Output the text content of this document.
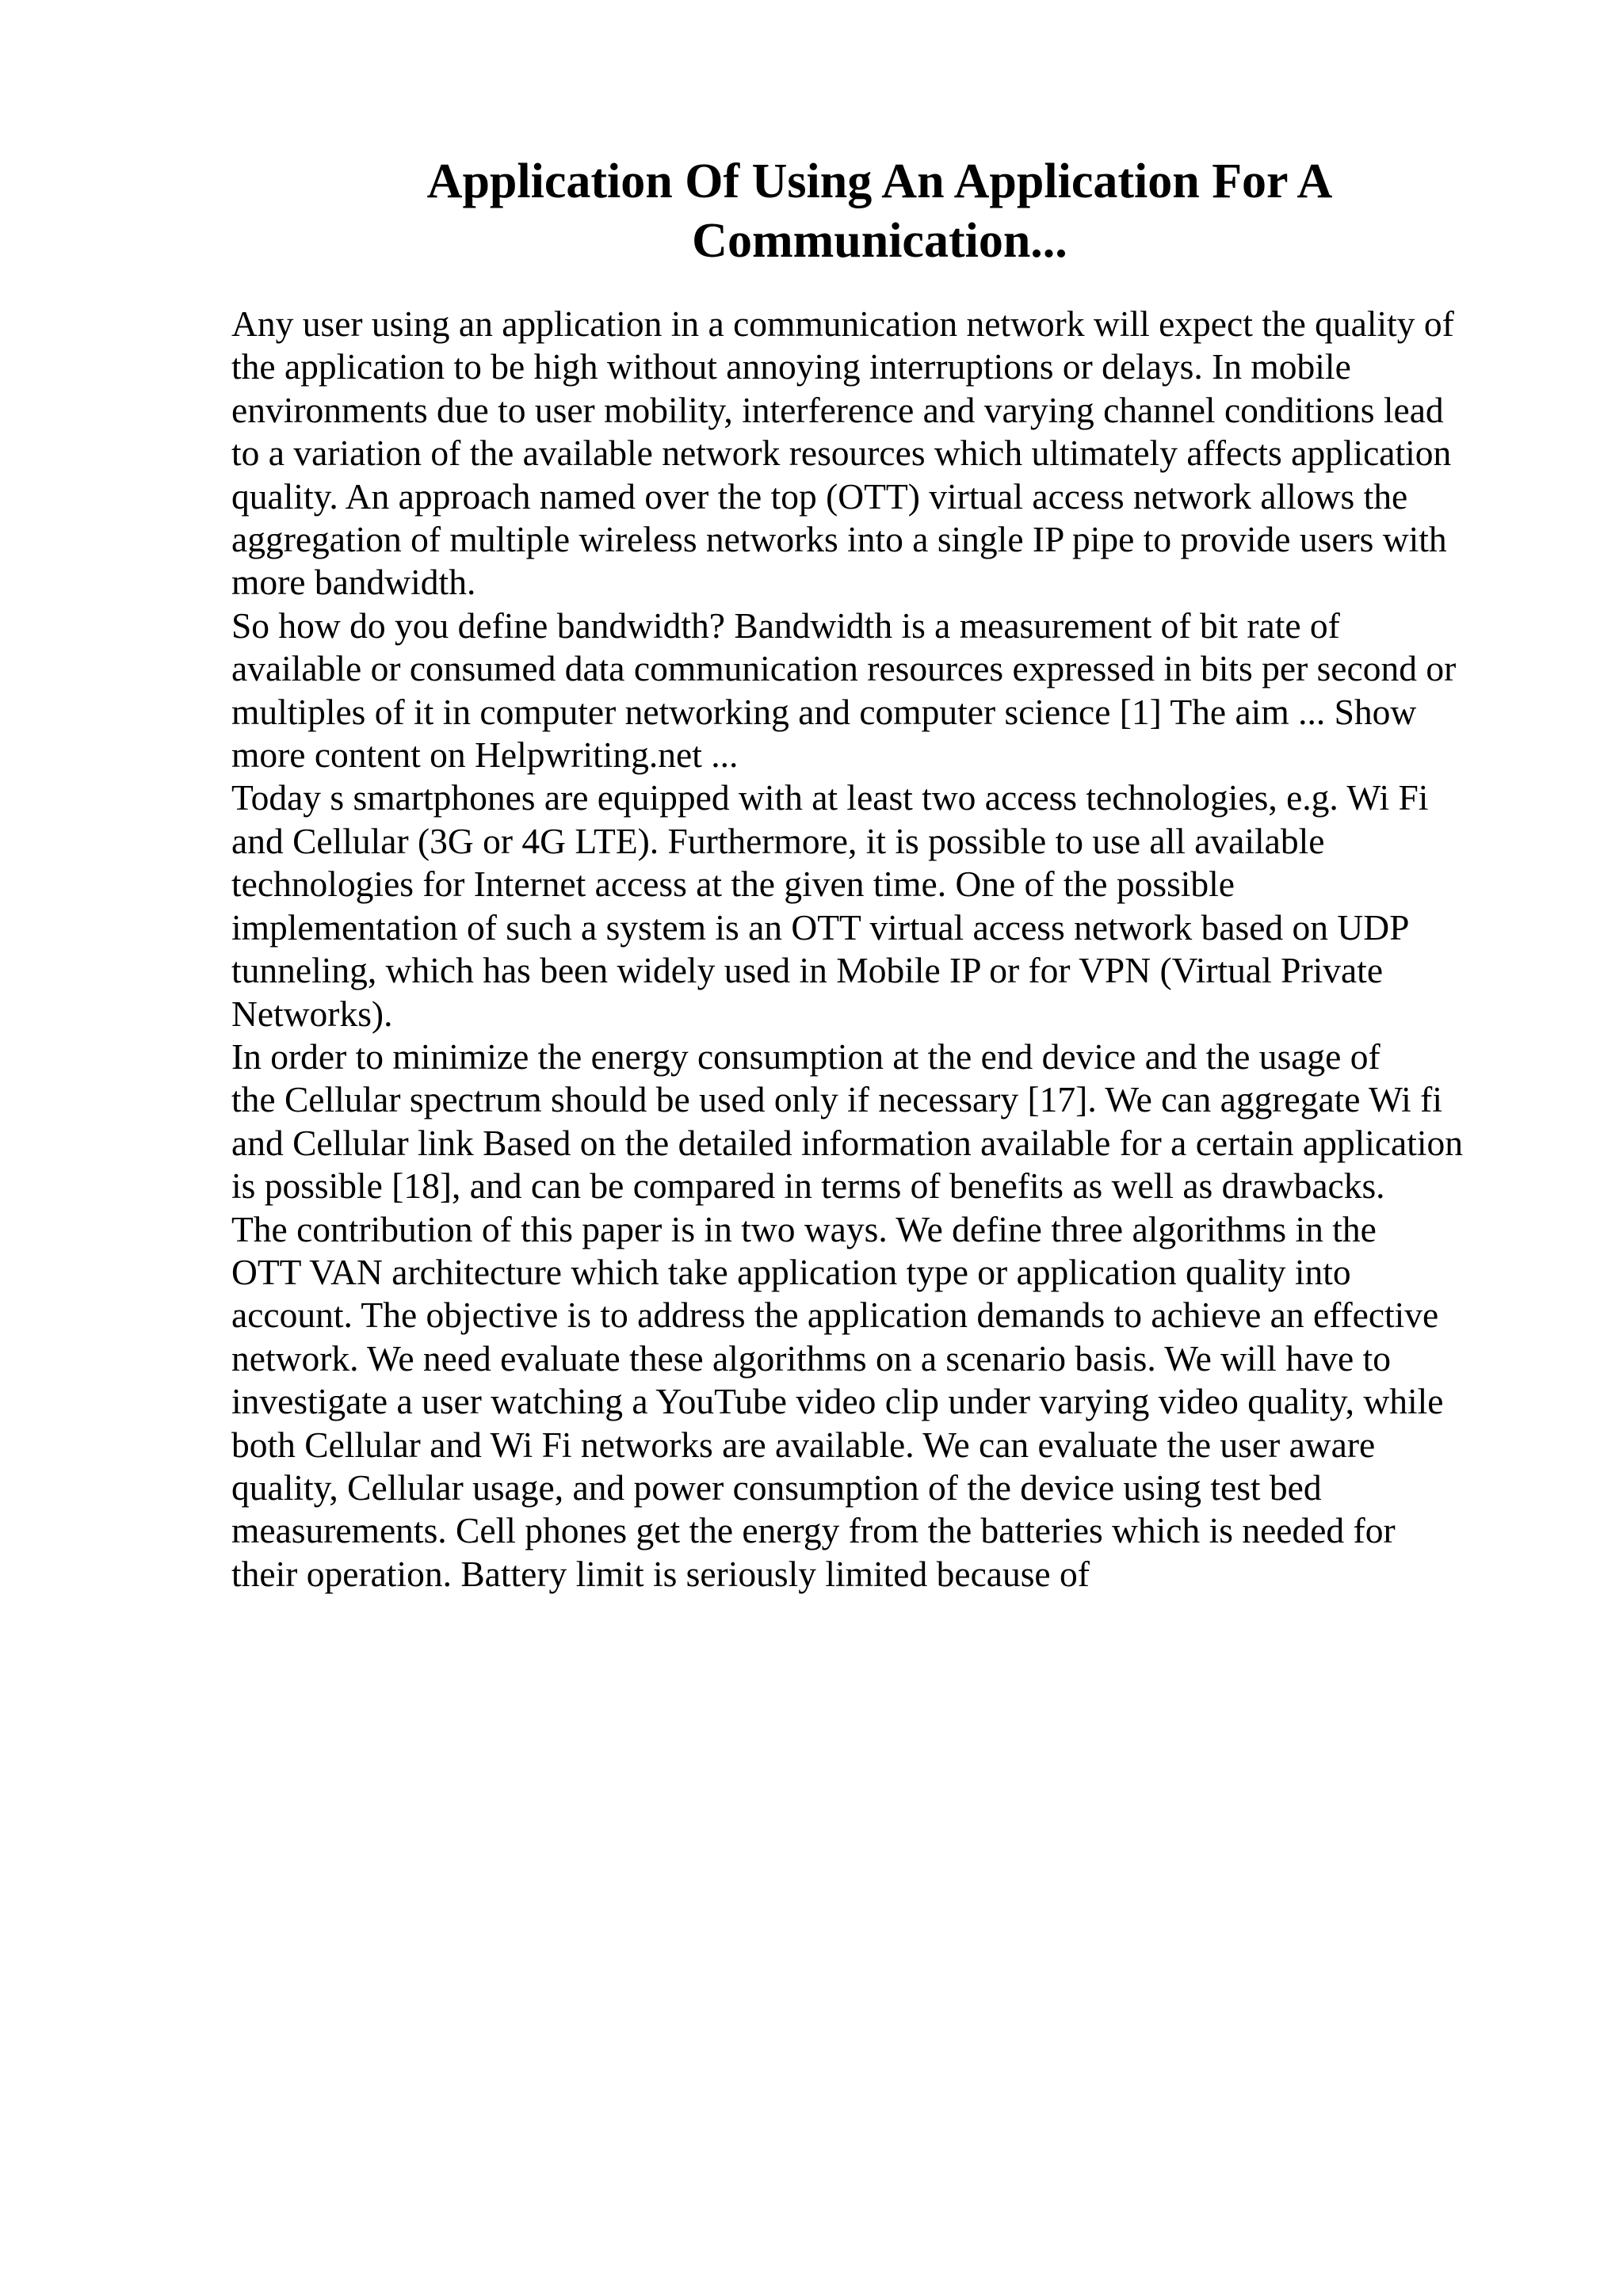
Application Of Using An Application For A
Communication...
Any user using an application in a communication network will expect the quality of
the application to be high without annoying interruptions or delays. In mobile
environments due to user mobility, interference and varying channel conditions lead
to a variation of the available network resources which ultimately affects application
quality. An approach named over the top (OTT) virtual access network allows the
aggregation of multiple wireless networks into a single IP pipe to provide users with
more bandwidth.
So how do you define bandwidth? Bandwidth is a measurement of bit rate of
available or consumed data communication resources expressed in bits per second or
multiples of it in computer networking and computer science [1] The aim ... Show
more content on Helpwriting.net ...
Today s smartphones are equipped with at least two access technologies, e.g. Wi Fi
and Cellular (3G or 4G LTE). Furthermore, it is possible to use all available
technologies for Internet access at the given time. One of the possible
implementation of such a system is an OTT virtual access network based on UDP
tunneling, which has been widely used in Mobile IP or for VPN (Virtual Private
Networks).
In order to minimize the energy consumption at the end device and the usage of
the Cellular spectrum should be used only if necessary [17]. We can aggregate Wi fi
and Cellular link Based on the detailed information available for a certain application
is possible [18], and can be compared in terms of benefits as well as drawbacks.
The contribution of this paper is in two ways. We define three algorithms in the
OTT VAN architecture which take application type or application quality into
account. The objective is to address the application demands to achieve an effective
network. We need evaluate these algorithms on a scenario basis. We will have to
investigate a user watching a YouTube video clip under varying video quality, while
both Cellular and Wi Fi networks are available. We can evaluate the user aware
quality, Cellular usage, and power consumption of the device using test bed
measurements. Cell phones get the energy from the batteries which is needed for
their operation. Battery limit is seriously limited because of
